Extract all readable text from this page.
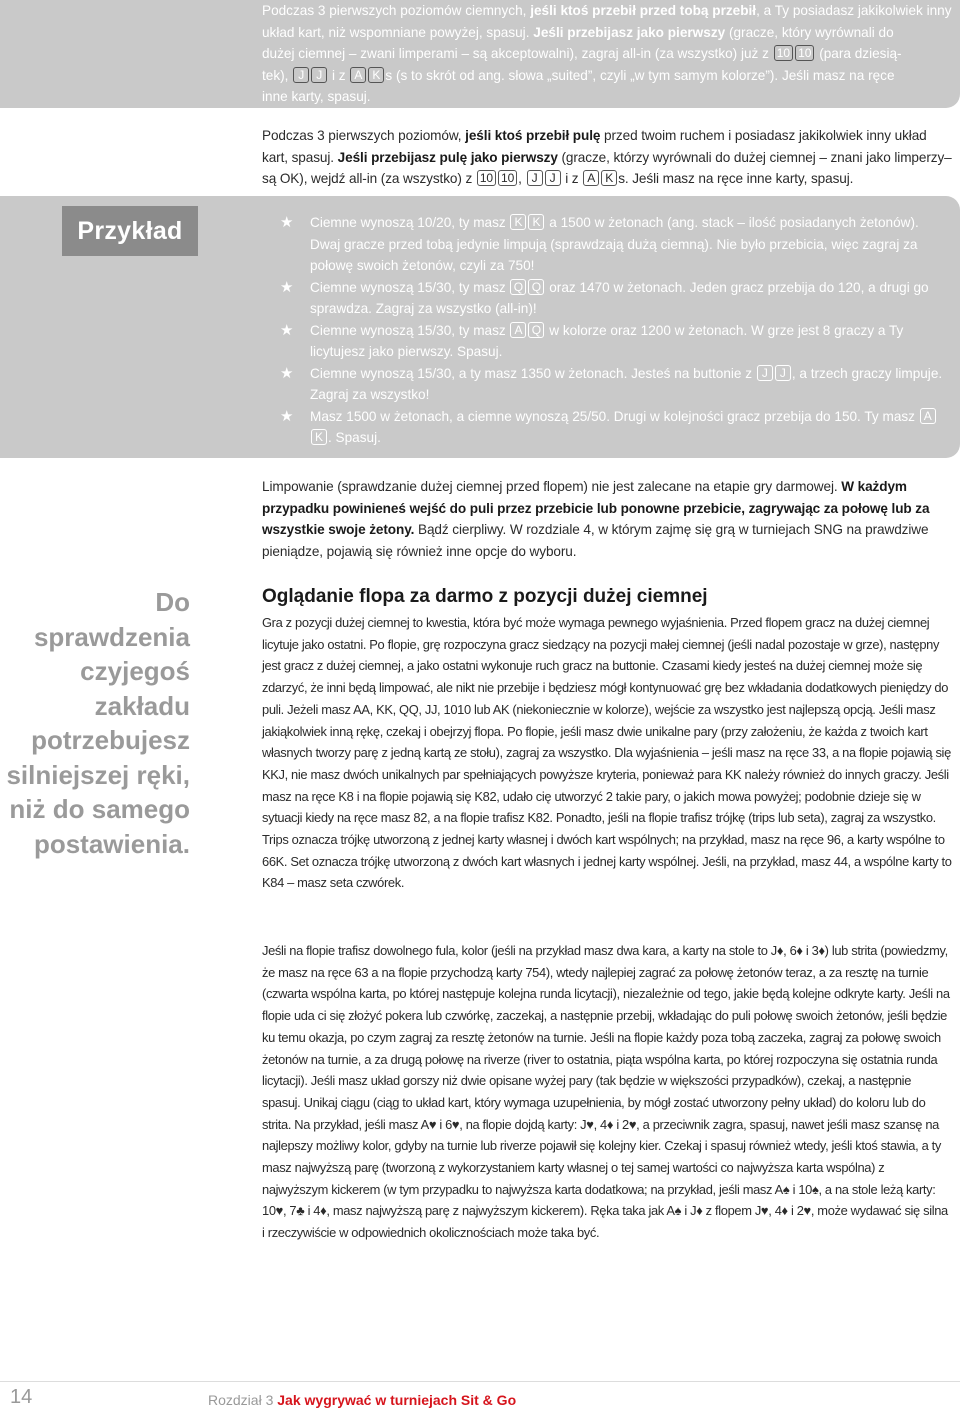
Podczas 3 pierwszych poziomów ciemnych, jeśli ktoś przebił przed tobą przebił, a Ty posiadasz jakikolwiek inny
układ kart, niż wspomniane powyżej, spasuj. Jeśli przebijasz jako pierwszy (gracze, który wyrównali do
dużej ciemnej – zwani limperami – są akceptowalni), zagraj all-in (za wszystko) już z 10 10 (para dziesią-
tek), J J i z A K s (s to skrót od ang. słowa „suited”, czyli „w tym samym kolorze”). Jeśli masz na ręce
inne karty, spasuj.
Podczas 3 pierwszych poziomów, jeśli ktoś przebił pulę przed twoim ruchem i posiadasz jakikolwiek inny układ kart, spasuj. Jeśli przebijasz pulę jako pierwszy (gracze, którzy wyrównali do dużej ciemnej – znani jako limperzy– są OK), wejdź all-in (za wszystko) z 10 10 , J J i z A K s. Jeśli masz na ręce inne karty, spasuj.
Przykład	★ Ciemne wynoszą 10/20, ty masz K K a 1500 w żetonach (ang. stack – ilość posiadanych żetonów). Dwaj gracze przed tobą jedynie limpują (sprawdzają dużą ciemną). Nie było przebicia, więc zagraj za połowę swoich żetonów, czyli za 750!
★ Ciemne wynoszą 15/30, ty masz Q Q oraz 1470 w żetonach. Jeden gracz przebija do 120, a drugi go sprawdza. Zagraj za wszystko (all-in)!
★ Ciemne wynoszą 15/30, ty masz A Q w kolorze oraz 1200 w żetonach. W grze jest 8 graczy a Ty licytujesz jako pierwszy. Spasuj.
★ Ciemne wynoszą 15/30, a ty masz 1350 w żetonach. Jesteś na buttonie z J J , a trzech graczy limpuje. Zagraj za wszystko!
★ Masz 1500 w żetonach, a ciemne wynoszą 25/50. Drugi w kolejności gracz przebija do 150. Ty masz AK . Spasuj.
Limpowanie (sprawdzanie dużej ciemnej przed flopem) nie jest zalecane na etapie gry darmowej. W każdym przypadku powinieneś wejść do puli przez przebicie lub ponowne przebicie, zagrywając za połowę lub za wszystkie swoje żetony. Bądź cierpliwy. W rozdziale 4, w którym zajmę się grą w turniejach SNG na prawdziwe pieniądze, pojawią się również inne opcje do wyboru.
Do sprawdzenia czyjegoś zakładu potrzebujesz silniejszej ręki, niż do samego postawienia.
Oglądanie flopa za darmo z pozycji dużej ciemnej
Gra z pozycji dużej ciemnej to kwestia, która być może wymaga pewnego wyjaśnienia. Przed flopem gracz na dużej ciemnej licytuje jako ostatni. Po flopie, grę rozpoczyna gracz siedzący na pozycji małej ciemnej (jeśli nadal pozostaje w grze), następny jest gracz z dużej ciemnej, a jako ostatni wykonuje ruch gracz na buttonie. Czasami kiedy jesteś na dużej ciemnej może się zdarzyć, że inni będą limpować, ale nikt nie przebije i będziesz mógł kontynuować grę bez wkładania dodatkowych pieniędzy do puli. Jeżeli masz AA, KK, QQ, JJ, 1010 lub AK (niekoniecznie w kolorze), wejście za wszystko jest najlepszą opcją. Jeśli masz jakiąkolwiek inną rękę, czekaj i obejrzyj flopa. Po flopie, jeśli masz dwie unikalne pary (przy założeniu, że każda z twoich kart własnych tworzy parę z jedną kartą ze stołu), zagraj za wszystko. Dla wyjaśnienia – jeśli masz na ręce 33, a na flopie pojawią się KKJ, nie masz dwóch unikalnych par spełniających powyższe kryteria, ponieważ para KK należy również do innych graczy. Jeśli masz na ręce K8 i na flopie pojawią się K82, udało cię utworzyć 2 takie pary, o jakich mowa powyżej; podobnie dzieje się w sytuacji kiedy na ręce masz 82, a na flopie trafisz K82. Ponadto, jeśli na flopie trafisz trójkę (trips lub seta), zagraj za wszystko. Trips oznacza trójkę utworzoną z jednej karty własnej i dwóch kart wspólnych; na przykład, masz na ręce 96, a karty wspólne to 66K. Set oznacza trójkę utworzoną z dwóch kart własnych i jednej karty wspólnej. Jeśli, na przykład, masz 44, a wspólne karty to K84 – masz seta czwórek.
Jeśli na flopie trafisz dowolnego fula, kolor (jeśli na przykład masz dwa kara, a karty na stole to J♦, 6♦ i 3♦) lub strita (powiedzmy, że masz na ręce 63 a na flopie przychodzą karty 754), wtedy najlepiej zagrać za połowę żetonów teraz, a za resztę na turnie (czwarta wspólna karta, po której następuje kolejna runda licytacji), niezależnie od tego, jakie będą kolejne odkryte karty. Jeśli na flopie uda ci się złożyć pokera lub czwórkę, zaczekaj, a następnie przebij, wkładając do puli połowę swoich żetonów, jeśli będzie ku temu okazja, po czym zagraj za resztę żetonów na turnie. Jeśli na flopie każdy poza tobą zaczeka, zagraj za połowę swoich żetonów na turnie, a za drugą połowę na riverze (river to ostatnia, piąta wspólna karta, po której rozpoczyna się ostatnia runda licytacji). Jeśli masz układ gorszy niż dwie opisane wyżej pary (tak będzie w większości przypadków), czekaj, a następnie spasuj. Unikaj ciągu (ciąg to układ kart, który wymaga uzupełnienia, by mógł zostać utworzony pełny układ) do koloru lub do strita. Na przykład, jeśli masz A♥ i 6♥, na flopie dojdą karty: J♥, 4♦ i 2♥, a przeciwnik zagra, spasuj, nawet jeśli masz szansę na najlepszy możliwy kolor, gdyby na turnie lub riverze pojawił się kolejny kier. Czekaj i spasuj również wtedy, jeśli ktoś stawia, a ty masz najwyższą parę (tworzoną z wykorzystaniem karty własnej o tej samej wartości co najwyższa karta wspólna) z najwyższym kickerem (w tym przypadku to najwyższa karta dodatkowa; na przykład, jeśli masz A♠ i 10♠, a na stole leżą karty: 10♥, 7♣ i 4♦, masz najwyższą parę z najwyższym kickerem). Ręka taka jak A♠ i J♦ z flopem J♥, 4♦ i 2♥, może wydawać się silna i rzeczywiście w odpowiednich okolicznościach może taka być.
14	Rozdział 3 Jak wygrywać w turniejach Sit & Go
